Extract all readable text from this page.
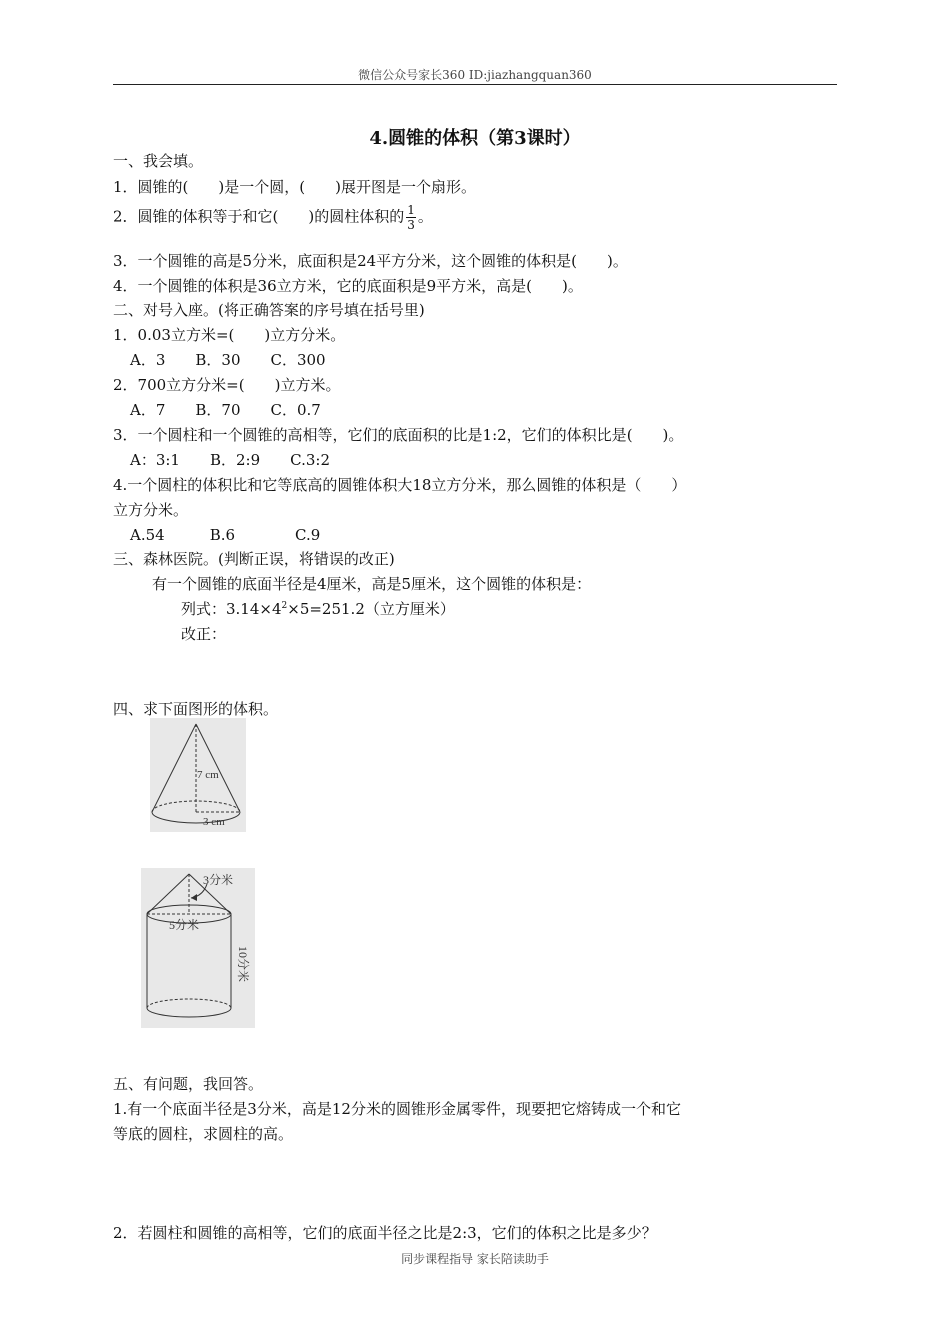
微信公众号家长360 ID:jiazhangquan360
4.圆锥的体积（第3课时）
一、我会填。
1．圆锥的(　　)是一个圆，(　　)展开图是一个扇形。
2．圆锥的体积等于和它(　　)的圆柱体积的 $\frac{1}{3}$ 。
3．一个圆锥的高是5分米，底面积是24平方分米，这个圆锥的体积是(　　)。
4．一个圆锥的体积是36立方米，它的底面积是9平方米，高是(　　)。
二、对号入座。(将正确答案的序号填在括号里)
1．0.03立方米=(　　)立方分米。
A．3　　B．30　　C．300
2．700立方分米=(　　)立方米。
A．7　　B．70　　C．0.7
3．一个圆柱和一个圆锥的高相等，它们的底面积的比是1:2，它们的体积比是(　　)。
A：3:1　　B．2:9　　C.3:2
4.一个圆柱的体积比和它等底高的圆锥体积大18立方分米，那么圆锥的体积是（　　）
立方分米。
A.54　　　B.6　　　　C.9
三、森林医院。(判断正误，将错误的改正)
有一个圆锥的底面半径是4厘米，高是5厘米，这个圆锥的体积是：
列式：$3.14\times 4^2\times 5=251.2$（立方厘米）
改正：
四、求下面图形的体积。
7 cm
3 cm
3分米
5分米
10分米
五、有问题，我回答。
1.有一个底面半径是3分米，高是12分米的圆锥形金属零件，现要把它熔铸成一个和它
等底的圆柱，求圆柱的高。
2．若圆柱和圆锥的高相等，它们的底面半径之比是2:3，它们的体积之比是多少？
同步课程指导 家长陪读助手
